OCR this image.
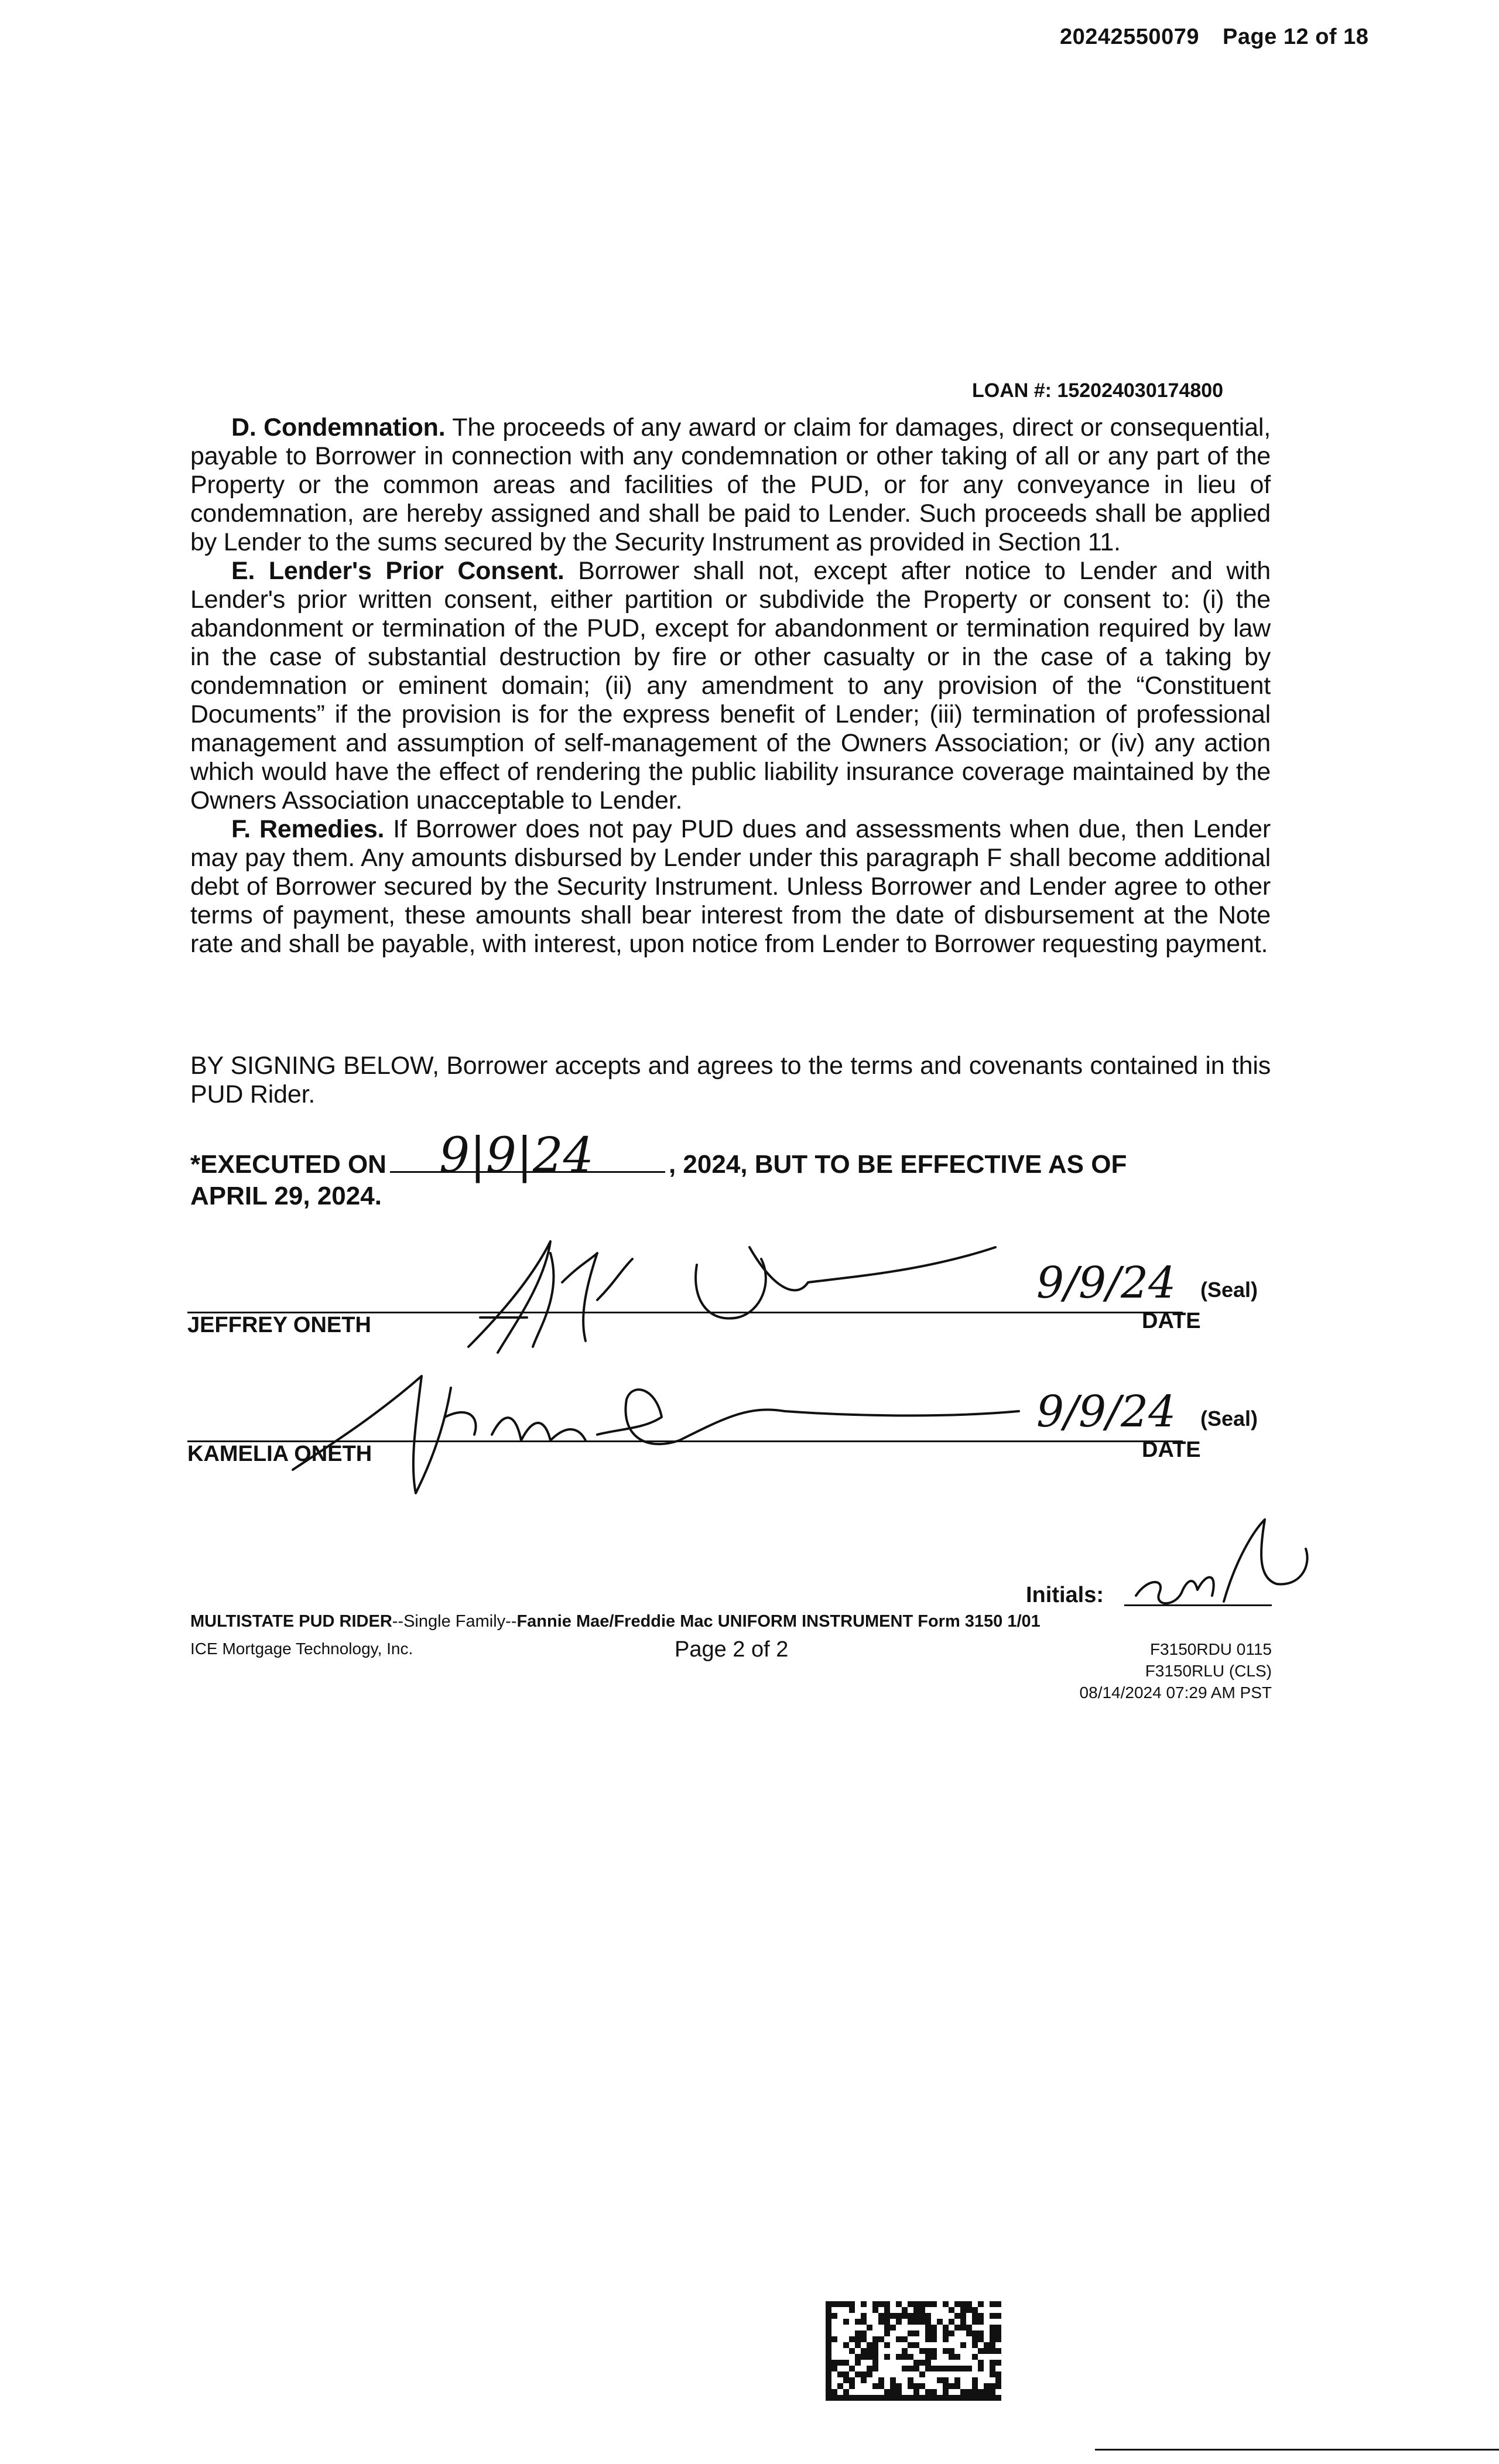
20242550079 Page 12 of 18
LOAN #: 152024030174800

D. Condemnation. The proceeds of any award or claim for damages, direct or consequential, payable to Borrower in connection with any condemnation or other taking of all or any part of the Property or the common areas and facilities of the PUD, or for any conveyance in lieu of condemnation, are hereby assigned and shall be paid to Lender. Such proceeds shall be applied by Lender to the sums secured by the Security Instrument as provided in Section 11.

E. Lender's Prior Consent. Borrower shall not, except after notice to Lender and with Lender's prior written consent, either partition or subdivide the Property or consent to: (i) the abandonment or termination of the PUD, except for abandonment or termination required by law in the case of substantial destruction by fire or other casualty or in the case of a taking by condemnation or eminent domain; (ii) any amendment to any provision of the “Constituent Documents” if the provision is for the express benefit of Lender; (iii) termination of professional management and assumption of self-management of the Owners Association; or (iv) any action which would have the effect of rendering the public liability insurance coverage maintained by the Owners Association unacceptable to Lender.

F. Remedies. If Borrower does not pay PUD dues and assessments when due, then Lender may pay them. Any amounts disbursed by Lender under this paragraph F shall become additional debt of Borrower secured by the Security Instrument. Unless Borrower and Lender agree to other terms of payment, these amounts shall bear interest from the date of disbursement at the Note rate and shall be payable, with interest, upon notice from Lender to Borrower requesting payment.

BY SIGNING BELOW, Borrower accepts and agrees to the terms and covenants contained in this PUD Rider.
*EXECUTED ON	, 2024, BUT TO BE EFFECTIVE AS OF
APRIL 29, 2024.
9|9|24
JEFFREY ONETH
(Seal)
DATE
9/9/24
KAMELIA ONETH
(Seal)
DATE
9/9/24
Initials:
MULTISTATE PUD RIDER--Single Family--Fannie Mae/Freddie Mac UNIFORM INSTRUMENT Form 3150 1/01
ICE Mortgage Technology, Inc.	Page 2 of 2	F3150RDU 0115
F3150RLU (CLS)
08/14/2024 07:29 AM PST
